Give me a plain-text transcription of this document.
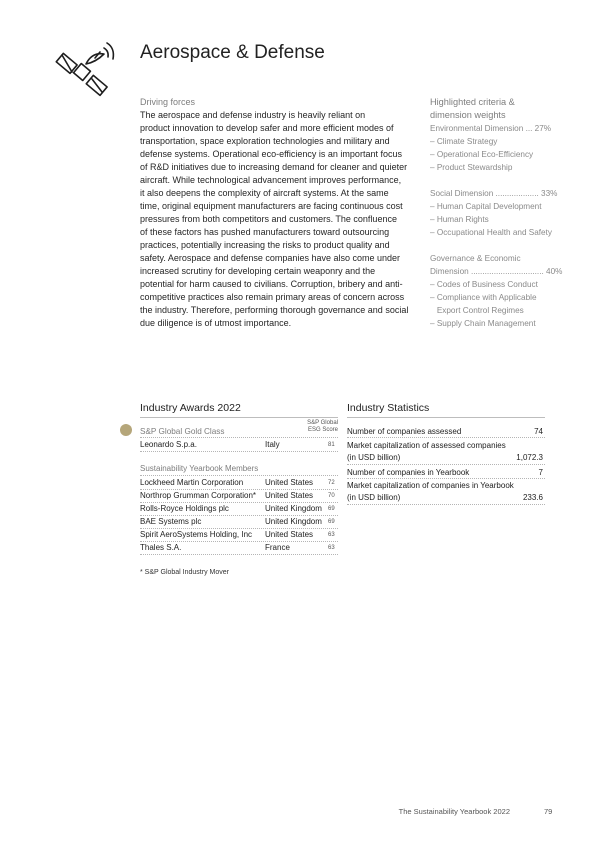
Aerospace & Defense
Driving forces
The aerospace and defense industry is heavily reliant on
product innovation to develop safer and more efficient modes of
transportation, space exploration technologies and military and
defense systems. Operational eco-efficiency is an important focus
of R&D initiatives due to increasing demand for cleaner and quieter
aircraft. While technological advancement improves performance,
it also deepens the complexity of aircraft systems. At the same
time, original equipment manufacturers are facing continuous cost
pressures from both competitors and customers. The confluence
of these factors has pushed manufacturers toward outsourcing
practices, potentially increasing the risks to product quality and
safety. Aerospace and defense companies have also come under
increased scrutiny for developing certain weaponry and the
potential for harm caused to civilians. Corruption, bribery and anti-
competitive practices also remain primary areas of concern across
the industry. Therefore, performing thorough governance and social
due diligence is of utmost importance.
Highlighted criteria &
dimension weights
Environmental Dimension ... 27%
– Climate Strategy
– Operational Eco-Efficiency
– Product Stewardship
Social Dimension ................... 33%
– Human Capital Development
– Human Rights
– Occupational Health and Safety
Governance & Economic
Dimension ................................ 40%
– Codes of Business Conduct
– Compliance with Applicable
Export Control Regimes
– Supply Chain Management
Industry Awards 2022
S&P Global Gold Class
S&P Global
ESG Score
Leonardo S.p.a.	Italy	81
Sustainability Yearbook Members
Lockheed Martin Corporation	United States 72
Northrop Grumman Corporation* United States 70
Rolls-Royce Holdings plc	United Kingdom 69
BAE Systems plc	United Kingdom 69
Spirit AeroSystems Holding, Inc United States 63
Thales S.A.	France	63
* S&P Global Industry Mover
Industry Statistics
Number of companies assessed	74
Market capitalization of assessed companies
(in USD billion)	1,072.3
Number of companies in Yearbook	7
Market capitalization of companies in Yearbook
(in USD billion)	233.6
The Sustainability Yearbook 2022	79
